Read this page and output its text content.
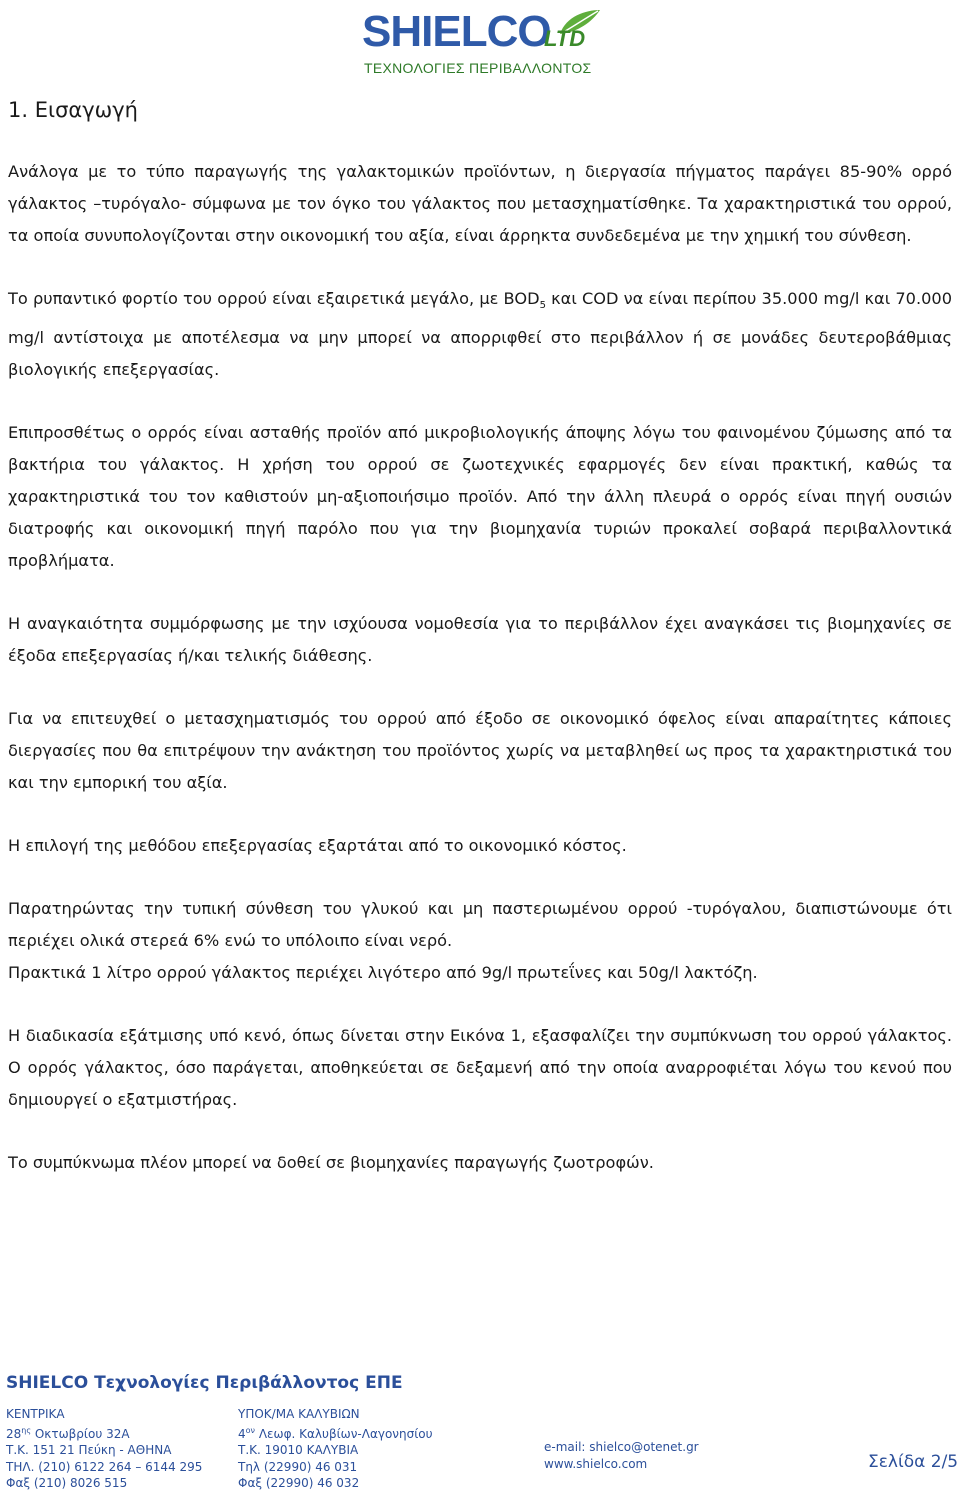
SHIELCO
LTD
ΤΕΧΝΟΛΟΓΙΕΣ ΠΕΡΙΒΑΛΛΟΝΤΟΣ
1. Εισαγωγή

Ανάλογα με το τύπο παραγωγής της γαλακτομικών προϊόντων, η διεργασία πήγματος παράγει 85-90% ορρό γάλακτος –τυρόγαλο- σύμφωνα με τον όγκο του γάλακτος που μετασχηματίσθηκε. Τα χαρακτηριστικά του ορρού, τα οποία συνυπολογίζονται στην οικονομική του αξία, είναι άρρηκτα συνδεδεμένα με την χημική του σύνθεση.

Το ρυπαντικό φορτίο του ορρού είναι εξαιρετικά μεγάλο, με $BOD_5$ και COD να είναι περίπου 35.000 mg/l και 70.000 mg/l αντίστοιχα με αποτέλεσμα να μην μπορεί να απορριφθεί στο περιβάλλον ή σε μονάδες δευτεροβάθμιας βιολογικής επεξεργασίας.

Επιπροσθέτως ο ορρός είναι ασταθής προϊόν από μικροβιολογικής άποψης λόγω του φαινομένου ζύμωσης από τα βακτήρια του γάλακτος. Η χρήση του ορρού σε ζωοτεχνικές εφαρμογές δεν είναι πρακτική, καθώς τα χαρακτηριστικά του τον καθιστούν μη-αξιοποιήσιμο προϊόν. Από την άλλη πλευρά ο ορρός είναι πηγή ουσιών διατροφής και οικονομική πηγή παρόλο που για την βιομηχανία τυριών προκαλεί σοβαρά περιβαλλοντικά προβλήματα.

Η αναγκαιότητα συμμόρφωσης με την ισχύουσα νομοθεσία για το περιβάλλον έχει αναγκάσει τις βιομηχανίες σε έξοδα επεξεργασίας ή/και τελικής διάθεσης.

Για να επιτευχθεί ο μετασχηματισμός του ορρού από έξοδο σε οικονομικό όφελος είναι απαραίτητες κάποιες διεργασίες που θα επιτρέψουν την ανάκτηση του προϊόντος χωρίς να μεταβληθεί ως προς τα χαρακτηριστικά του και την εμπορική του αξία.

Η επιλογή της μεθόδου επεξεργασίας εξαρτάται από το οικονομικό κόστος.

Παρατηρώντας την τυπική σύνθεση του γλυκού και μη παστεριωμένου ορρού -τυρόγαλου, διαπιστώνουμε ότι περιέχει ολικά στερεά 6% ενώ το υπόλοιπο είναι νερό.

Πρακτικά 1 λίτρο ορρού γάλακτος περιέχει λιγότερο από 9g/l πρωτεΐνες και 50g/l λακτόζη.

Η διαδικασία εξάτμισης υπό κενό, όπως δίνεται στην Εικόνα 1, εξασφαλίζει την συμπύκνωση του ορρού γάλακτος. Ο ορρός γάλακτος, όσο παράγεται, αποθηκεύεται σε δεξαμενή από την οποία αναρροφιέται λόγω του κενού που δημιουργεί ο εξατμιστήρας.

Το συμπύκνωμα πλέον μπορεί να δοθεί σε βιομηχανίες παραγωγής ζωοτροφών.

SHIELCO Τεχνολογίες Περιβάλλοντος ΕΠΕ
ΚΕΝΤΡΙΚΑ
$28^{\eta\varsigma}$ Οκτωβρίου 32Α
Τ.Κ. 151 21 Πεύκη - ΑΘΗΝΑ
ΤΗΛ. (210) 6122 264 – 6144 295
Φαξ (210) 8026 515
ΥΠΟΚ/ΜΑ ΚΑΛΥΒΙΩΝ
$4^{o\nu}$ Λεωφ. Καλυβίων-Λαγονησίου
Τ.Κ. 19010 ΚΑΛΥΒΙΑ
Τηλ (22990) 46 031
Φαξ (22990) 46 032
e-mail: shielco@otenet.gr
www.shielco.com	Σελίδα 2/5
